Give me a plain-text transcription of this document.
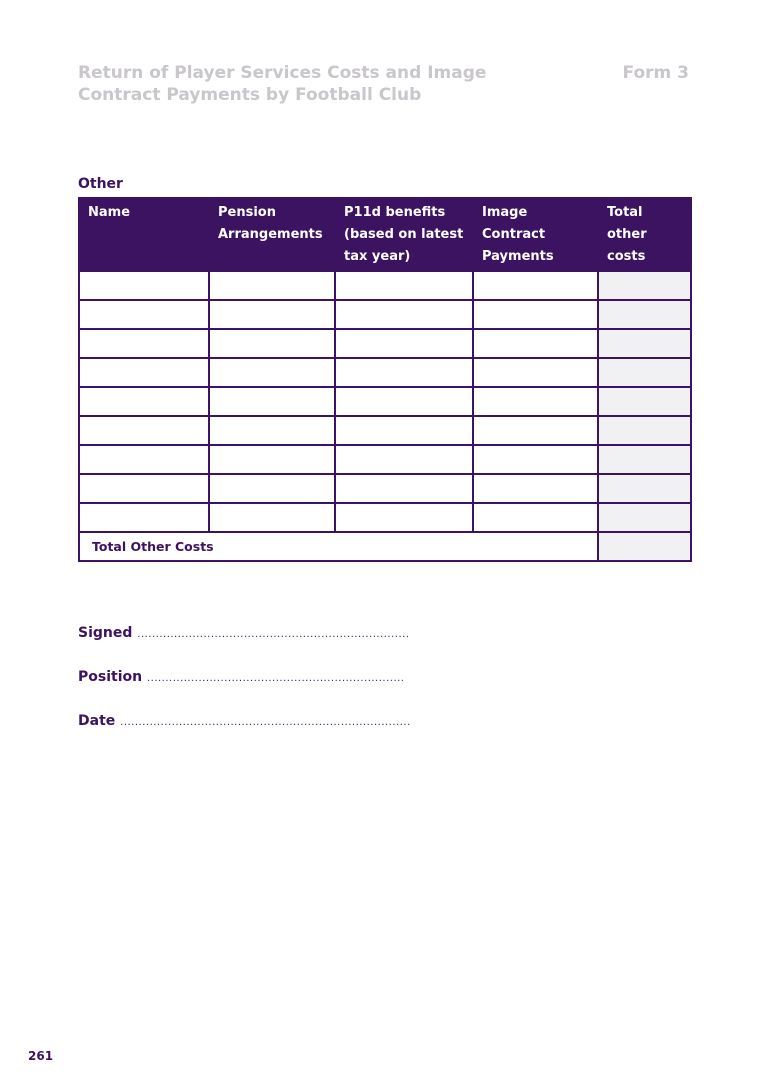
Return of Player Services Costs and Image
Contract Payments by Football Club
Form 3
Other
Name	Pension Arrangements	P11d benefits (based on latest tax year)	Image Contract Payments	Total other costs

Total Other Costs				
Signed ..........................................................................
Position ......................................................................
Date ...............................................................................
261
